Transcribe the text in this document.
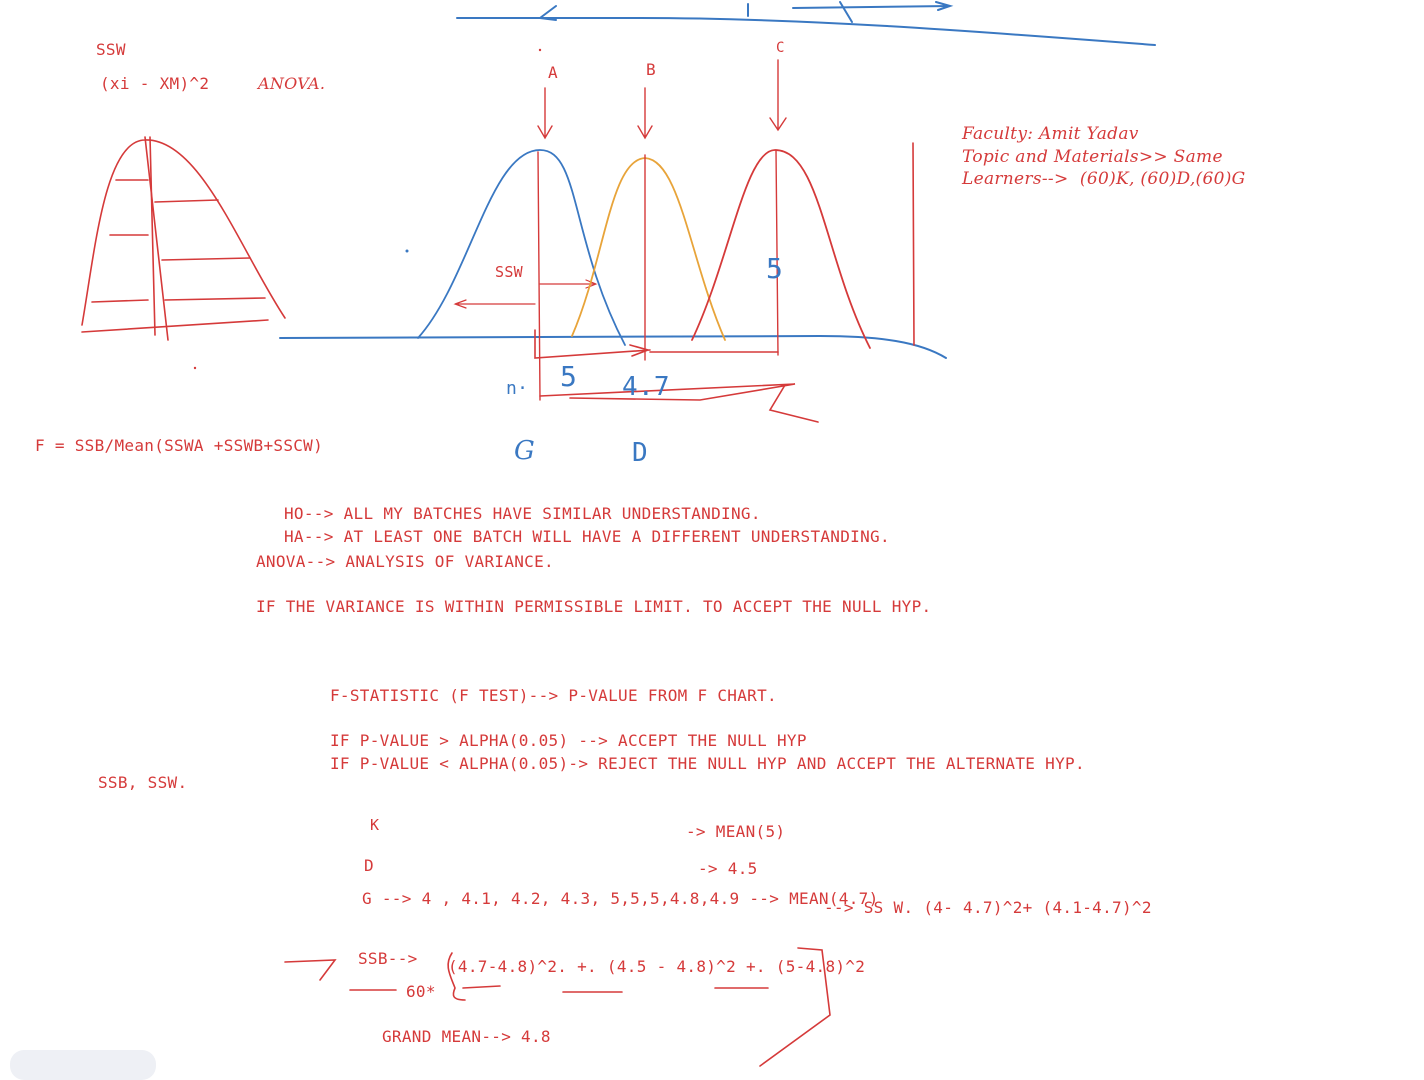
SSW
(xi - XM)^2	ANOVA.
A	B
C
SSW
Faculty: Amit Yadav
Topic and Materials>> Same
Learners-->  (60)K, (60)D,(60)G
5
n· 5 4.7
G	D
F = SSB/Mean(SSWA +SSWB+SSCW)
HO--> ALL MY BATCHES HAVE SIMILAR UNDERSTANDING.
HA--> AT LEAST ONE BATCH WILL HAVE A DIFFERENT UNDERSTANDING.
ANOVA--> ANALYSIS OF VARIANCE.
IF THE VARIANCE IS WITHIN PERMISSIBLE LIMIT. TO ACCEPT THE NULL HYP.
F-STATISTIC (F TEST)--> P-VALUE FROM F CHART.
IF P-VALUE > ALPHA(0.05) --> ACCEPT THE NULL HYP
IF P-VALUE < ALPHA(0.05)-> REJECT THE NULL HYP AND ACCEPT THE ALTERNATE HYP.
SSB, SSW.
K	-> MEAN(5)
D	-> 4.5
G --> 4 , 4.1, 4.2, 4.3, 5,5,5,4.8,4.9 --> MEAN(4.7)
--> SS W. (4- 4.7)^2+ (4.1-4.7)^2
SSB-->
60*
(4.7-4.8)^2. +. (4.5 - 4.8)^2 +. (5-4.8)^2
GRAND MEAN--> 4.8
